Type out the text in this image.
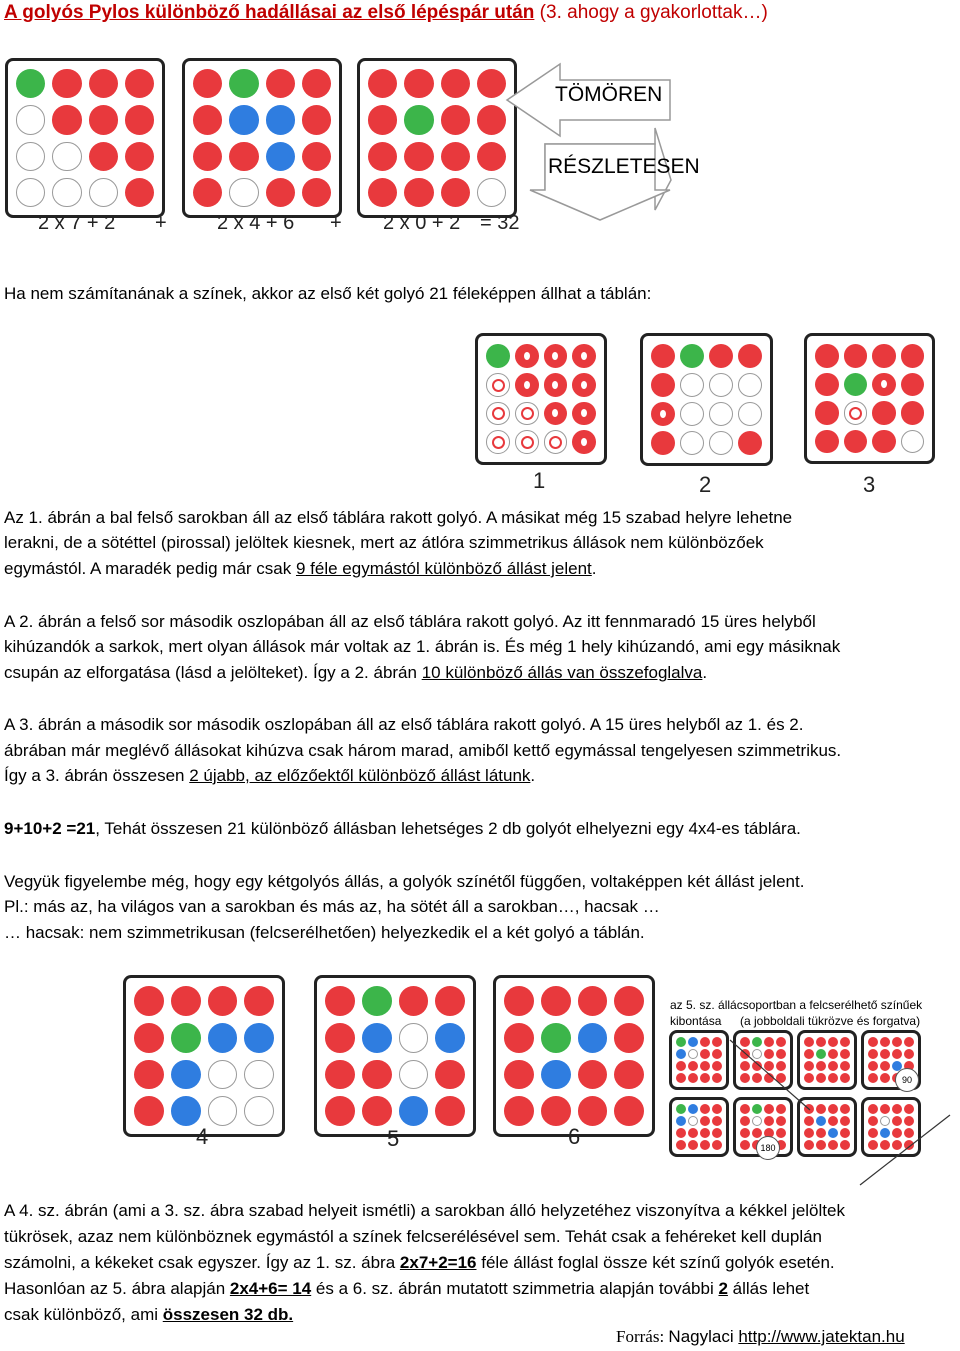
A golyós Pylos különböző hadállásai az első lépéspár után (3. ahogy a gyakorlottak…)
2 x 7 + 2 +	2 x 4 + 6 + 2 x 0 + 2 = 32
TÖMÖREN
RÉSZLETESEN
Ha nem számítanának a színek, akkor az első két golyó 21 féleképpen állhat a táblán:
1	2	3
Az 1. ábrán a bal felső sarokban áll az első táblára rakott golyó. A másikat még 15 szabad helyre lehetne
lerakni, de a sötéttel (pirossal) jelöltek kiesnek, mert az átlóra szimmetrikus állások nem különbözőek
egymástól. A maradék pedig már csak 9 féle egymástól különböző állást jelent.
A 2. ábrán a felső sor második oszlopában áll az első táblára rakott golyó. Az itt fennmaradó 15 üres helyből
kihúzandók a sarkok, mert olyan állások már voltak az 1. ábrán is. És még 1 hely kihúzandó, ami egy másiknak
csupán az elforgatása (lásd a jelölteket). Így a 2. ábrán 10 különböző állás van összefoglalva.
A 3. ábrán a második sor második oszlopában áll az első táblára rakott golyó. A 15 üres helyből az 1. és 2.
ábrában már meglévő állásokat kihúzva csak három marad, amiből kettő egymással tengelyesen szimmetrikus.
Így a 3. ábrán összesen 2 újabb, az előzőektől különböző állást látunk.
9+10+2 =21, Tehát összesen 21 különböző állásban lehetséges 2 db golyót elhelyezni egy 4x4-es táblára.
Vegyük figyelembe még, hogy egy kétgolyós állás, a golyók színétől függően, voltaképpen két állást jelent.
Pl.: más az, ha világos van a sarokban és más az, ha sötét áll a sarokban…, hacsak …
… hacsak: nem szimmetrikusan (felcserélhetően) helyezkedik el a két golyó a táblán.
4	5	6
az 5. sz. állácsoportban a felcserélhető színűek
kibontása (a jobboldali tükrözve és forgatva)
90
180
A 4. sz. ábrán (ami a 3. sz. ábra szabad helyeit ismétli) a sarokban álló helyzetéhez viszonyítva a kékkel jelöltek
tükrösek, azaz nem különböznek egymástól a színek felcserélésével sem. Tehát csak a fehéreket kell duplán
számolni, a kékeket csak egyszer. Így az 1. sz. ábra 2x7+2=16 féle állást foglal össze két színű golyók esetén.
Hasonlóan az 5. ábra alapján 2x4+6= 14 és a 6. sz. ábrán mutatott szimmetria alapján további 2 állás lehet
csak különböző, ami összesen 32 db.
Forrás: Nagylaci http://www.jatektan.hu
